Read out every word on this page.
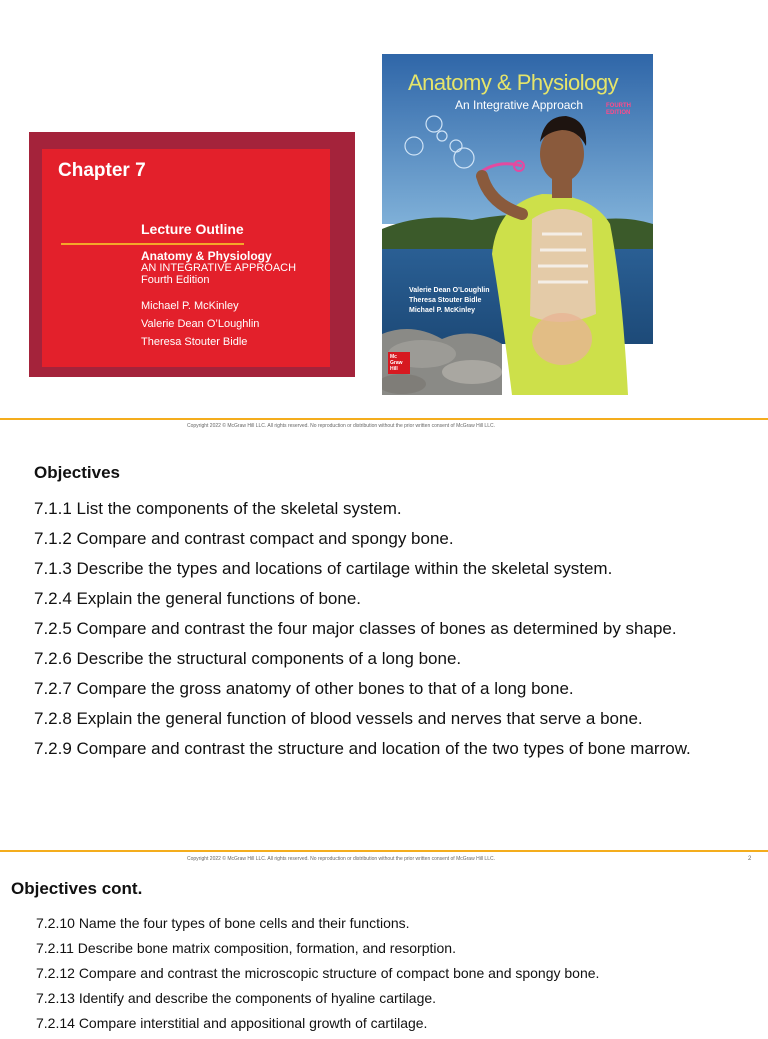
Chapter 7
Lecture Outline
Anatomy & Physiology
AN INTEGRATIVE APPROACH
Fourth Edition
Michael P. McKinley
Valerie Dean O’Loughlin
Theresa Stouter Bidle
Anatomy & Physiology
An Integrative Approach	FOURTH
EDITION
Valerie Dean O’Loughlin
Theresa Stouter Bidle
Michael P. McKinley
Mc
Graw
Hill
Copyright 2022 © McGraw Hill LLC. All rights reserved. No reproduction or distribution without the prior written consent of McGraw Hill LLC.
Objectives
7.1.1 List the components of the skeletal system.
7.1.2 Compare and contrast compact and spongy bone.
7.1.3 Describe the types and locations of cartilage within the skeletal system.
7.2.4 Explain the general functions of bone.
7.2.5 Compare and contrast the four major classes of bones as determined by shape.
7.2.6 Describe the structural components of a long bone.
7.2.7 Compare the gross anatomy of other bones to that of a long bone.
7.2.8 Explain the general function of blood vessels and nerves that serve a bone.
7.2.9 Compare and contrast the structure and location of the two types of bone marrow.
Copyright 2022 © McGraw Hill LLC. All rights reserved. No reproduction or distribution without the prior written consent of McGraw Hill LLC.	2
Objectives cont.
7.2.10 Name the four types of bone cells and their functions.
7.2.11 Describe bone matrix composition, formation, and resorption.
7.2.12 Compare and contrast the microscopic structure of compact bone and spongy bone.
7.2.13 Identify and describe the components of hyaline cartilage.
7.2.14 Compare interstitial and appositional growth of cartilage.
